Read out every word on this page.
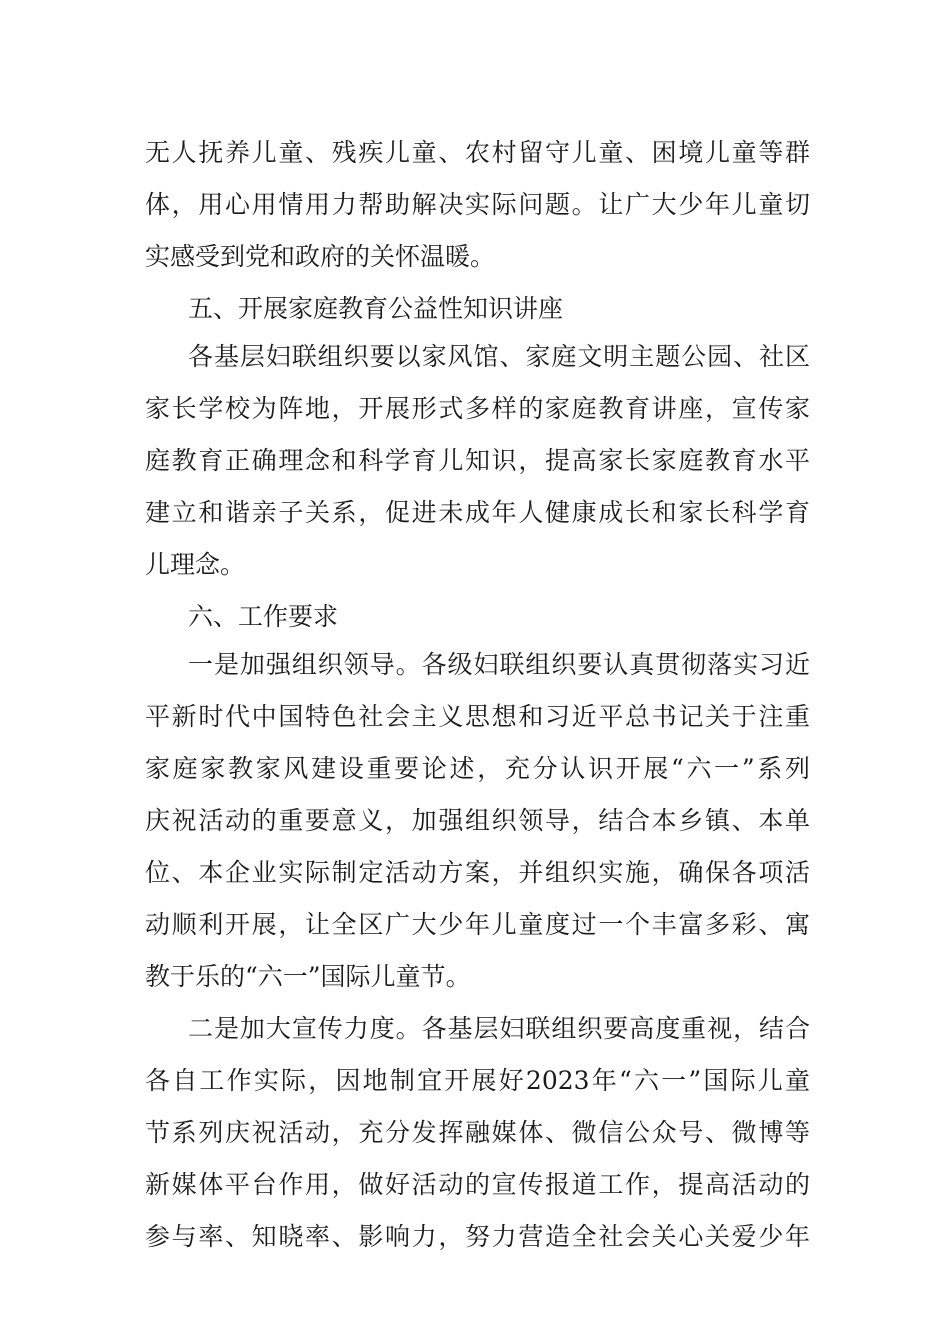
无人抚养儿童、残疾儿童、农村留守儿童、困境儿童等群
体，用心用情用力帮助解决实际问题。让广大少年儿童切
实感受到党和政府的关怀温暖。
五、开展家庭教育公益性知识讲座
各基层妇联组织要以家风馆、家庭文明主题公园、社区
家长学校为阵地，开展形式多样的家庭教育讲座，宣传家
庭教育正确理念和科学育儿知识，提高家长家庭教育水平
建立和谐亲子关系，促进未成年人健康成长和家长科学育
儿理念。
六、工作要求
一是加强组织领导。各级妇联组织要认真贯彻落实习近
平新时代中国特色社会主义思想和习近平总书记关于注重
家庭家教家风建设重要论述，充分认识开展“六一”系列
庆祝活动的重要意义，加强组织领导，结合本乡镇、本单
位、本企业实际制定活动方案，并组织实施，确保各项活
动顺利开展，让全区广大少年儿童度过一个丰富多彩、寓
教于乐的“六一”国际儿童节。
二是加大宣传力度。各基层妇联组织要高度重视，结合
各自工作实际，因地制宜开展好2023年“六一”国际儿童
节系列庆祝活动，充分发挥融媒体、微信公众号、微博等
新媒体平台作用，做好活动的宣传报道工作，提高活动的
参与率、知晓率、影响力，努力营造全社会关心关爱少年
